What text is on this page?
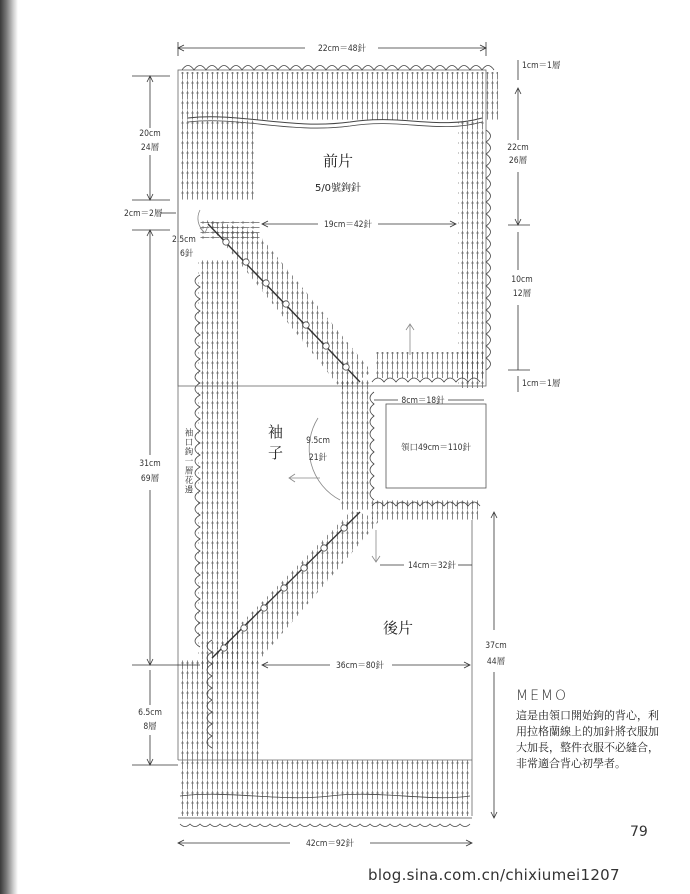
22cm＝48針
1cm＝1層
22cm
26層
10cm
12層
1cm＝1層
20cm
24層
2cm＝2層
2.5cm
6針
前片
5/0號鉤針
19cm＝42針
8cm＝18針
領口49cm＝110針
袖子	9.5cm
21針
袖口鉤一層花邊
31cm
69層
14cm＝32針
後片
37cm
44層
36cm＝80針
6.5cm
8層
42cm＝92針
MEMO
這是由領口開始鉤的背心，利用拉格蘭線上的加針將衣服加大加長，整件衣服不必縫合，非常適合背心初學者。
79
blog.sina.com.cn/chixiumei1207
